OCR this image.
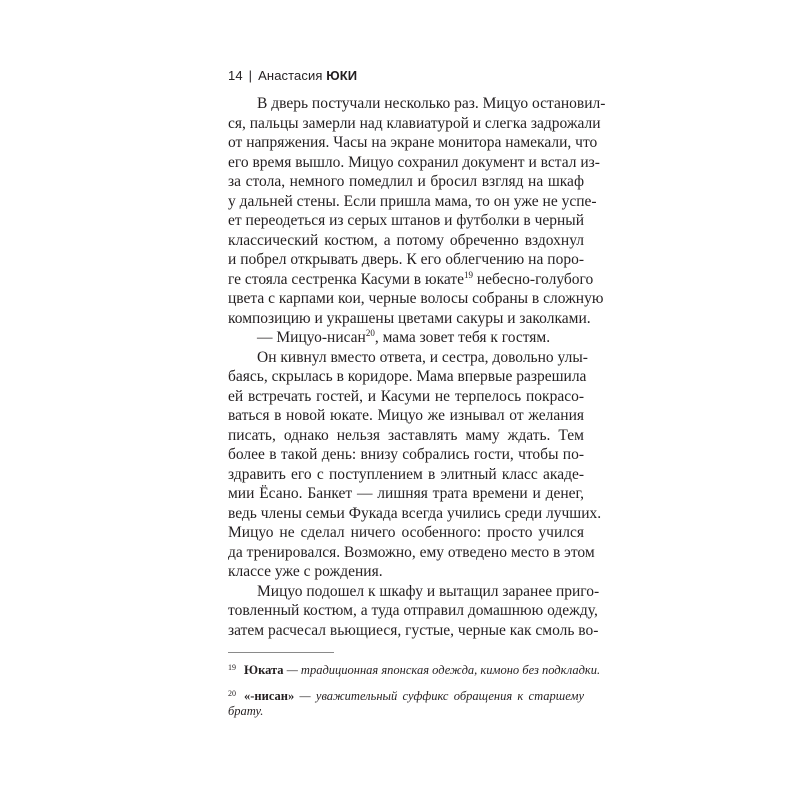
14 | Анастасия ЮКИ
В дверь постучали несколько раз. Мицуо остановил-
ся, пальцы замерли над клавиатурой и слегка задрожали
от напряжения. Часы на экране монитора намекали, что
его время вышло. Мицуо сохранил документ и встал из-
за стола, немного помедлил и бросил взгляд на шкаф
у дальней стены. Если пришла мама, то он уже не успе-
ет переодеться из серых штанов и футболки в черный
классический костюм, а потому обреченно вздохнул
и побрел открывать дверь. К его облегчению на поро-
ге стояла сестренка Касуми в юкате$^{19}$ небесно-голубого
цвета с карпами кои, черные волосы собраны в сложную
композицию и украшены цветами сакуры и заколками.
— Мицуо-нисан$^{20}$, мама зовет тебя к гостям.
Он кивнул вместо ответа, и сестра, довольно улы-
баясь, скрылась в коридоре. Мама впервые разрешила
ей встречать гостей, и Касуми не терпелось покрасо-
ваться в новой юкате. Мицуо же изнывал от желания
писать, однако нельзя заставлять маму ждать. Тем
более в такой день: внизу собрались гости, чтобы по-
здравить его с поступлением в элитный класс акаде-
мии Ёсано. Банкет — лишняя трата времени и денег,
ведь члены семьи Фукада всегда учились среди лучших.
Мицуо не сделал ничего особенного: просто учился
да тренировался. Возможно, ему отведено место в этом
классе уже с рождения.
Мицуо подошел к шкафу и вытащил заранее приго-
товленный костюм, а туда отправил домашнюю одежду,
затем расчесал вьющиеся, густые, черные как смоль во-
$^{19}$ Юката — традиционная японская одежда, кимоно без подкладки.
$^{20}$ «-нисан» — уважительный суффикс обращения к старшему брату.
